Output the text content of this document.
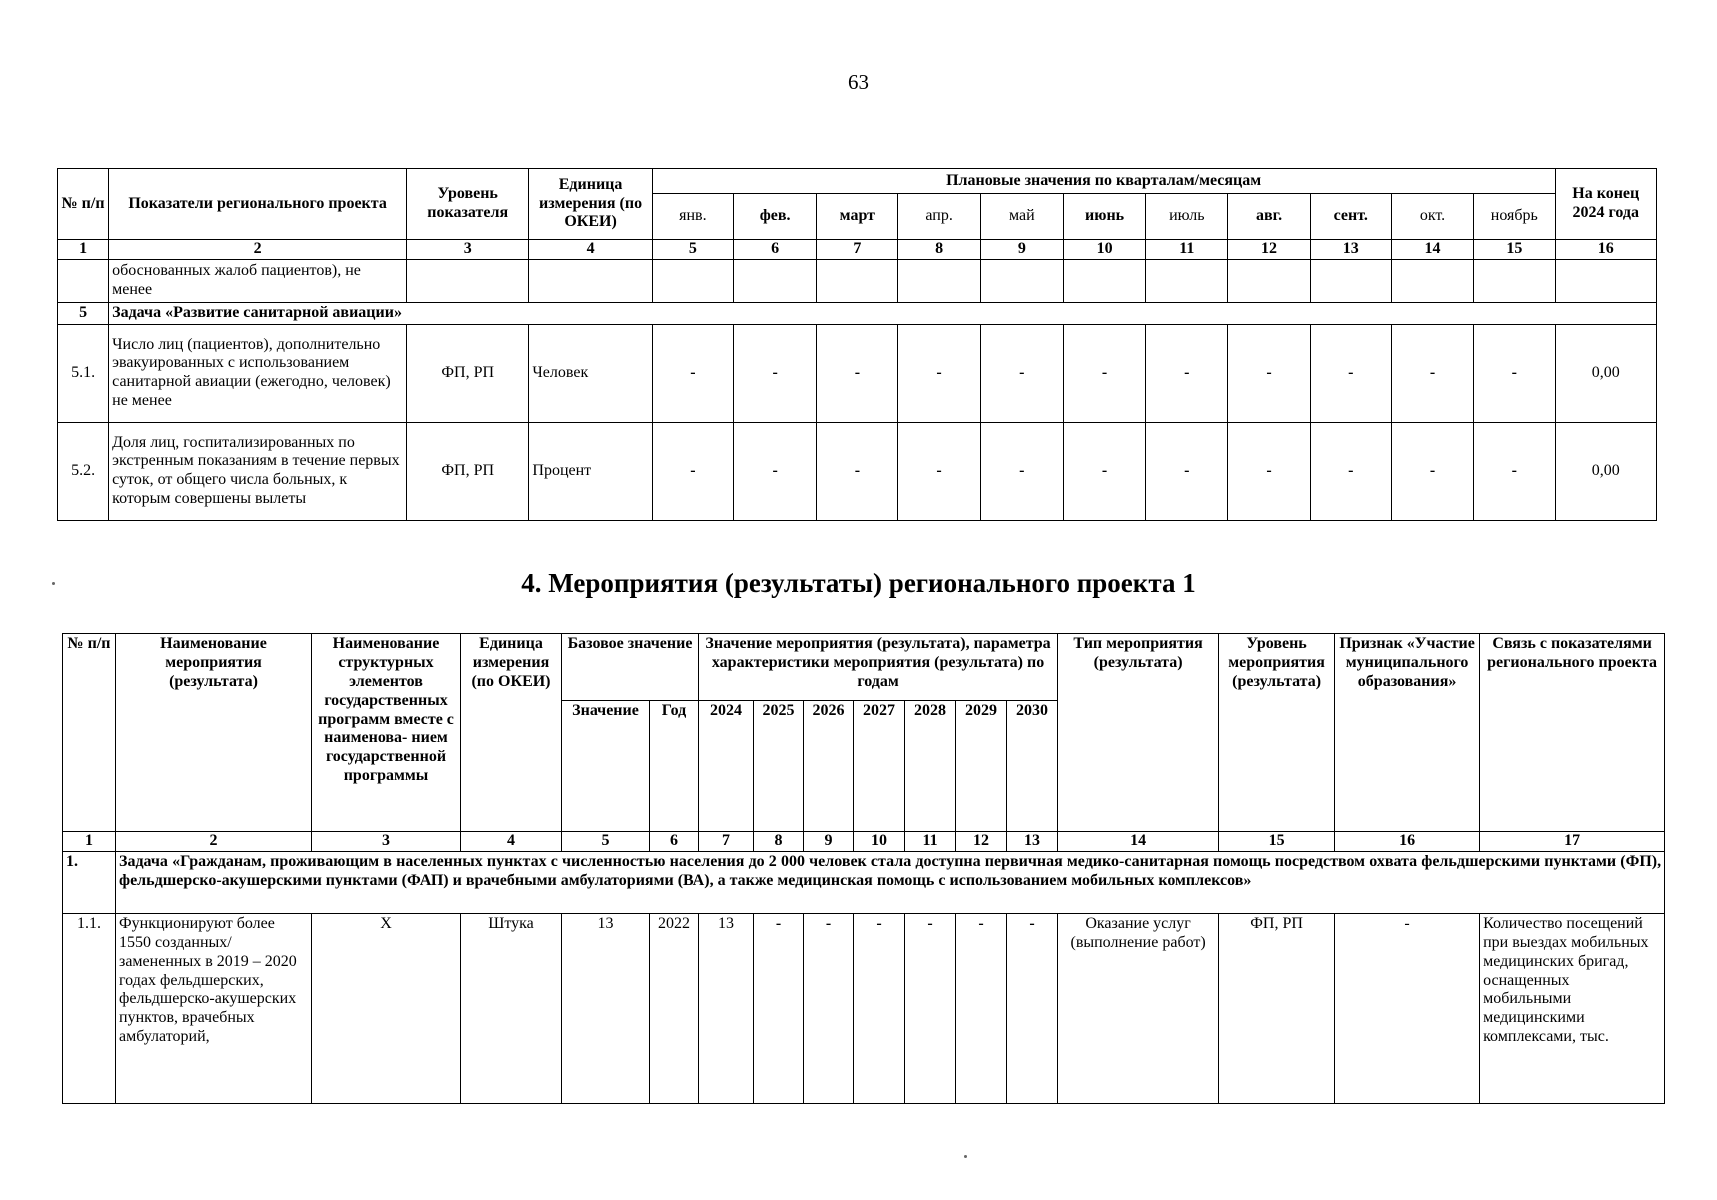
63
№ п/п	Показатели регионального проекта	Уровень показателя	Единица измерения (по ОКЕИ)	Плановые значения по кварталам/месяцам											На конец 2024 года
				янв.	фев.	март	апр.	май	июнь	июль	авг.	сент.	окт.	ноябрь	
1	2	3	4	5	6	7	8	9	10	11	12	13	14	15	16
	обоснованных жалоб пациентов), не менее														
5	Задача «Развитие санитарной авиации»														
5.1.	Число лиц (пациентов), дополнительно эвакуированных с использованием санитарной авиации (ежегодно, человек) не менее	ФП, РП	Человек	-	-	-	-	-	-	-	-	-	-	-	0,00
5.2.	Доля лиц, госпитализированных по экстренным показаниям в течение первых суток, от общего числа больных, к которым совершены вылеты	ФП, РП	Процент	-	-	-	-	-	-	-	-	-	-	-	0,00
4. Мероприятия (результаты) регионального проекта 1
№ п/п	Наименование мероприятия (результата)	Наименование структурных элементов государственных программ вместе с наименова- нием государственной программы	Единица измерения (по ОКЕИ)	Базовое значение		Значение мероприятия (результата), параметра характеристики мероприятия (результата) по годам							Тип мероприятия (результата)	Уровень мероприятия (результата)	Признак «Участие муниципального образования»	Связь с показателями регионального проекта
				Значение	Год	2024	2025	2026	2027	2028	2029	2030				
1	2	3	4	5	6	7	8	9	10	11	12	13	14	15	16	17
1.	Задача «Гражданам, проживающим в населенных пунктах с численностью населения до 2 000 человек стала доступна первичная медико-санитарная помощь посредством охвата фельдшерскими пунктами (ФП), фельдшерско-акушерскими пунктами (ФАП) и врачебными амбулаториями (ВА), а также медицинская помощь с использованием мобильных комплексов»															
1.1.	Функционируют более 1550 созданных/ замененных в 2019 – 2020 годах фельдшерских, фельдшерско-акушерских пунктов, врачебных амбулаторий,	Х	Штука	13	2022	13	-	-	-	-	-	-	Оказание услуг (выполнение работ)	ФП, РП	-	Количество посещений при выездах мобильных медицинских бригад, оснащенных мобильными медицинскими комплексами, тыс.
